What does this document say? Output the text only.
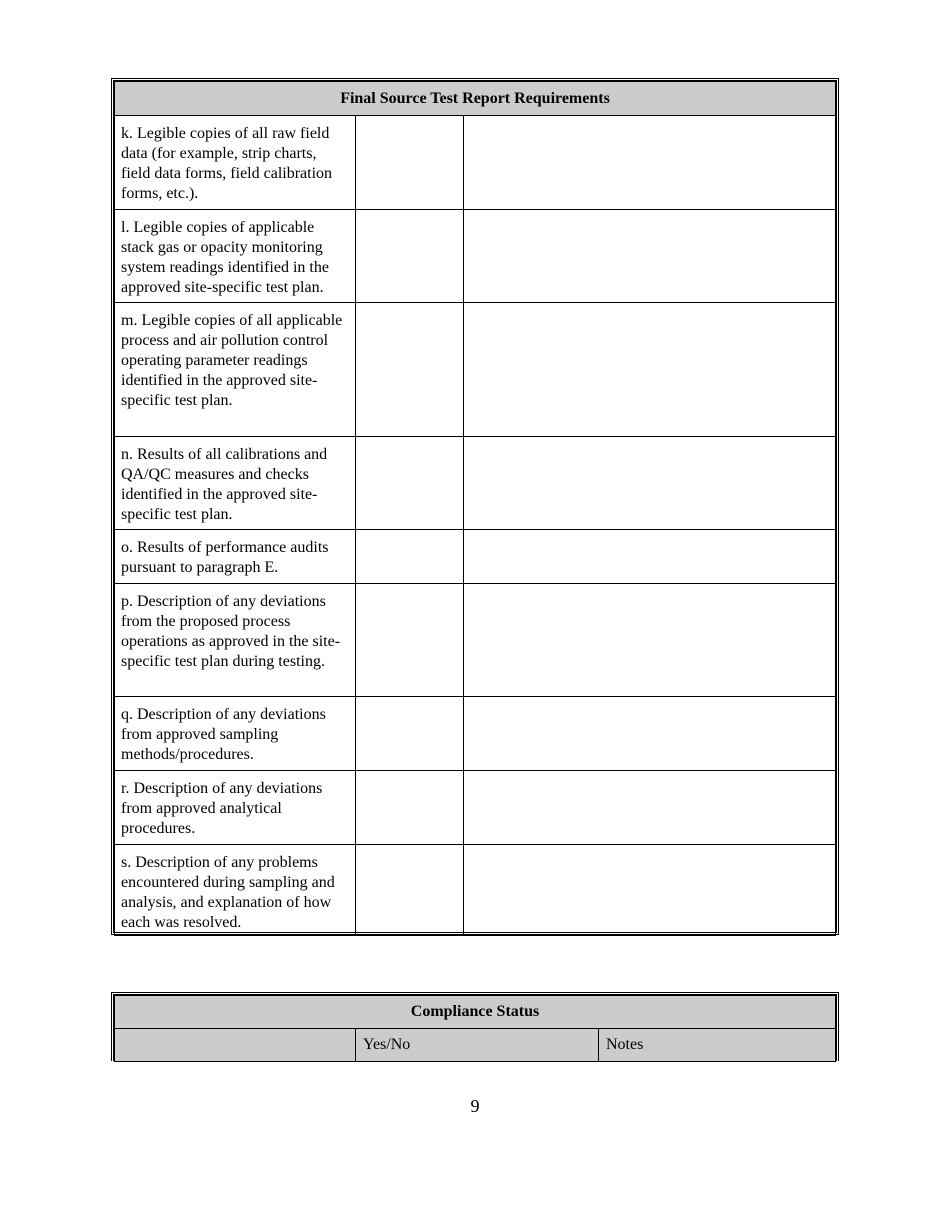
Final Source Test Report Requirements		
k. Legible copies of all raw field data (for example, strip charts, field data forms, field calibration forms, etc.).		
l. Legible copies of applicable stack gas or opacity monitoring system readings identified in the approved site-specific test plan.		
m. Legible copies of all applicable process and air pollution control operating parameter readings identified in the approved site-specific test plan.		
n. Results of all calibrations and QA/QC measures and checks identified in the approved site-specific test plan.		
o. Results of performance audits pursuant to paragraph E.		
p. Description of any deviations from the proposed process operations as approved in the site-specific test plan during testing.		
q. Description of any deviations from approved sampling methods/procedures.		
r. Description of any deviations from approved analytical procedures.		
s. Description of any problems encountered during sampling and analysis, and explanation of how each was resolved.		
Compliance Status
	Yes/No	Notes
9
